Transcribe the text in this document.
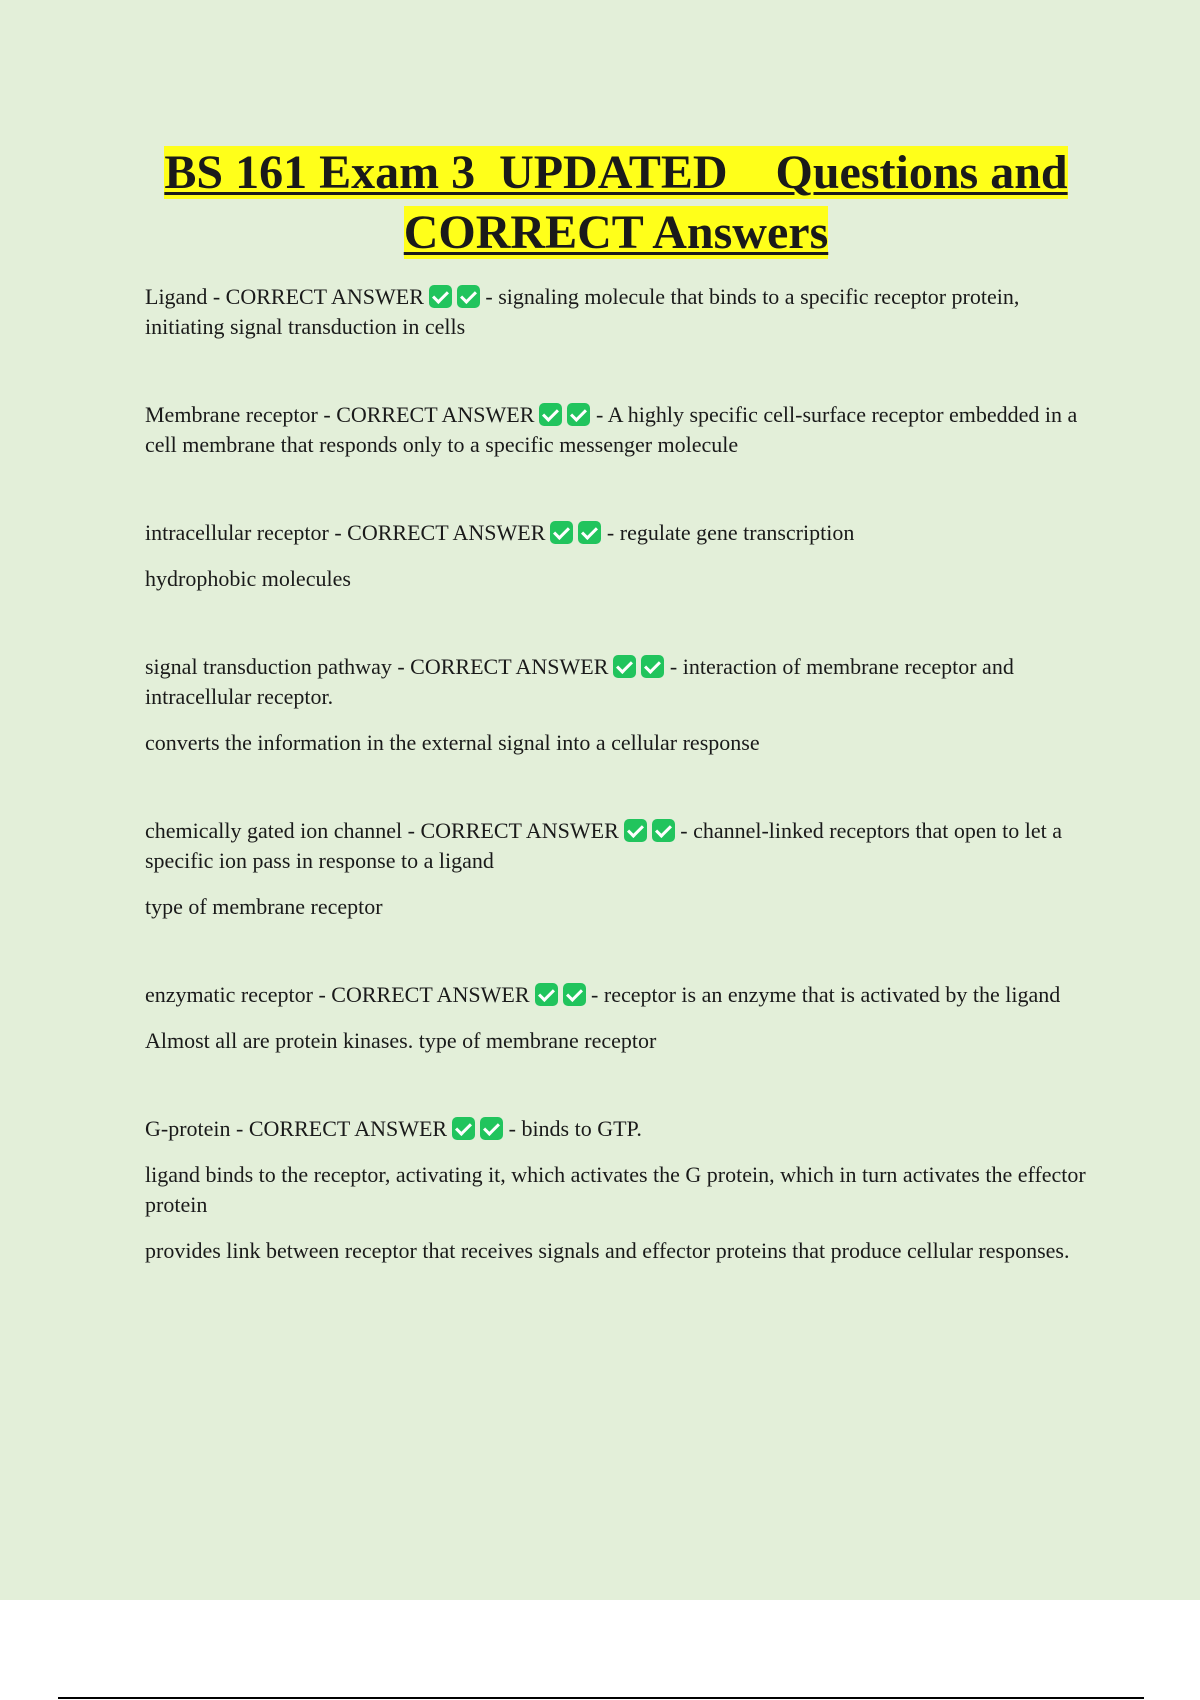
BS 161 Exam 3  UPDATED    Questions and
CORRECT Answers

Ligand - CORRECT ANSWER	- signaling molecule that binds to a specific receptor protein, initiating signal transduction in cells

Membrane receptor - CORRECT ANSWER	- A highly specific cell-surface receptor embedded in a cell membrane that responds only to a specific messenger molecule

intracellular receptor - CORRECT ANSWER	- regulate gene transcription

hydrophobic molecules

signal transduction pathway - CORRECT ANSWER	- interaction of membrane receptor and intracellular receptor.

converts the information in the external signal into a cellular response

chemically gated ion channel - CORRECT ANSWER	- channel-linked receptors that open to let a specific ion pass in response to a ligand

type of membrane receptor

enzymatic receptor - CORRECT ANSWER	- receptor is an enzyme that is activated by the ligand

Almost all are protein kinases. type of membrane receptor

G-protein - CORRECT ANSWER	- binds to GTP.

ligand binds to the receptor, activating it, which activates the G protein, which in turn activates the effector protein

provides link between receptor that receives signals and effector proteins that produce cellular responses.
